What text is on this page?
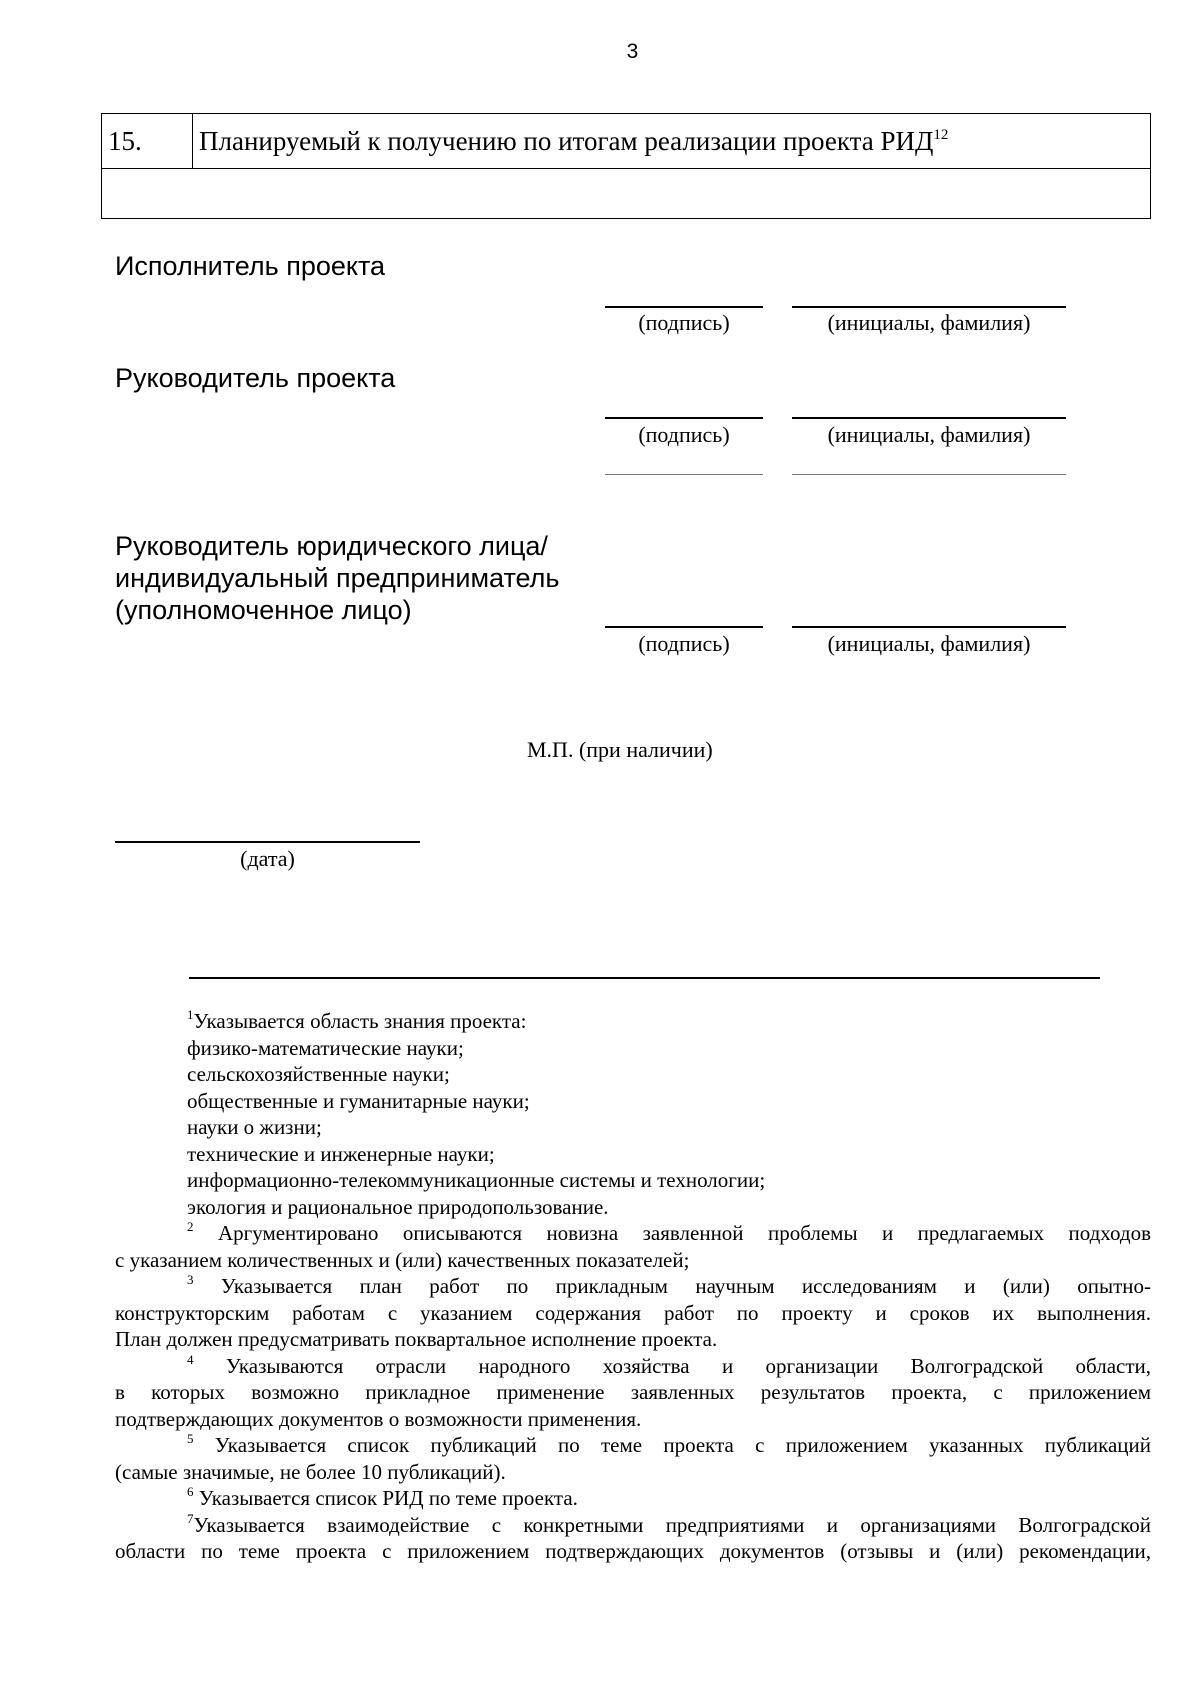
3
15.	Планируемый к получению по итогам реализации проекта РИД$^{12}$

Исполнитель проекта
(подпись)	(инициалы, фамилия)
Руководитель проекта
(подпись)	(инициалы, фамилия)
Руководитель юридического лица/
индивидуальный предприниматель
(уполномоченное лицо)
(подпись)	(инициалы, фамилия)
М.П. (при наличии)
(дата)

$^1$Указывается область знания проекта:

физико-математические науки;

сельскохозяйственные науки;

общественные и гуманитарные науки;

науки о жизни;

технические и инженерные науки;

информационно-телекоммуникационные системы и технологии;

экология и рациональное природопользование.

$^2$ Аргументировано описываются новизна заявленной проблемы и предлагаемых подходов

с указанием количественных и (или) качественных показателей;

$^3$ Указывается план работ по прикладным научным исследованиям и (или) опытно-

конструкторским работам с указанием содержания работ по проекту и сроков их выполнения.

План должен предусматривать поквартальное исполнение проекта.

$^4$ Указываются отрасли народного хозяйства и организации Волгоградской области,

в которых возможно прикладное применение заявленных результатов проекта, с приложением

подтверждающих документов о возможности применения.

$^5$ Указывается список публикаций по теме проекта с приложением указанных публикаций

(самые значимые, не более 10 публикаций).

$^6$ Указывается список РИД по теме проекта.

$^7$Указывается взаимодействие с конкретными предприятиями и организациями Волгоградской

области по теме проекта с приложением подтверждающих документов (отзывы и (или) рекомендации,
